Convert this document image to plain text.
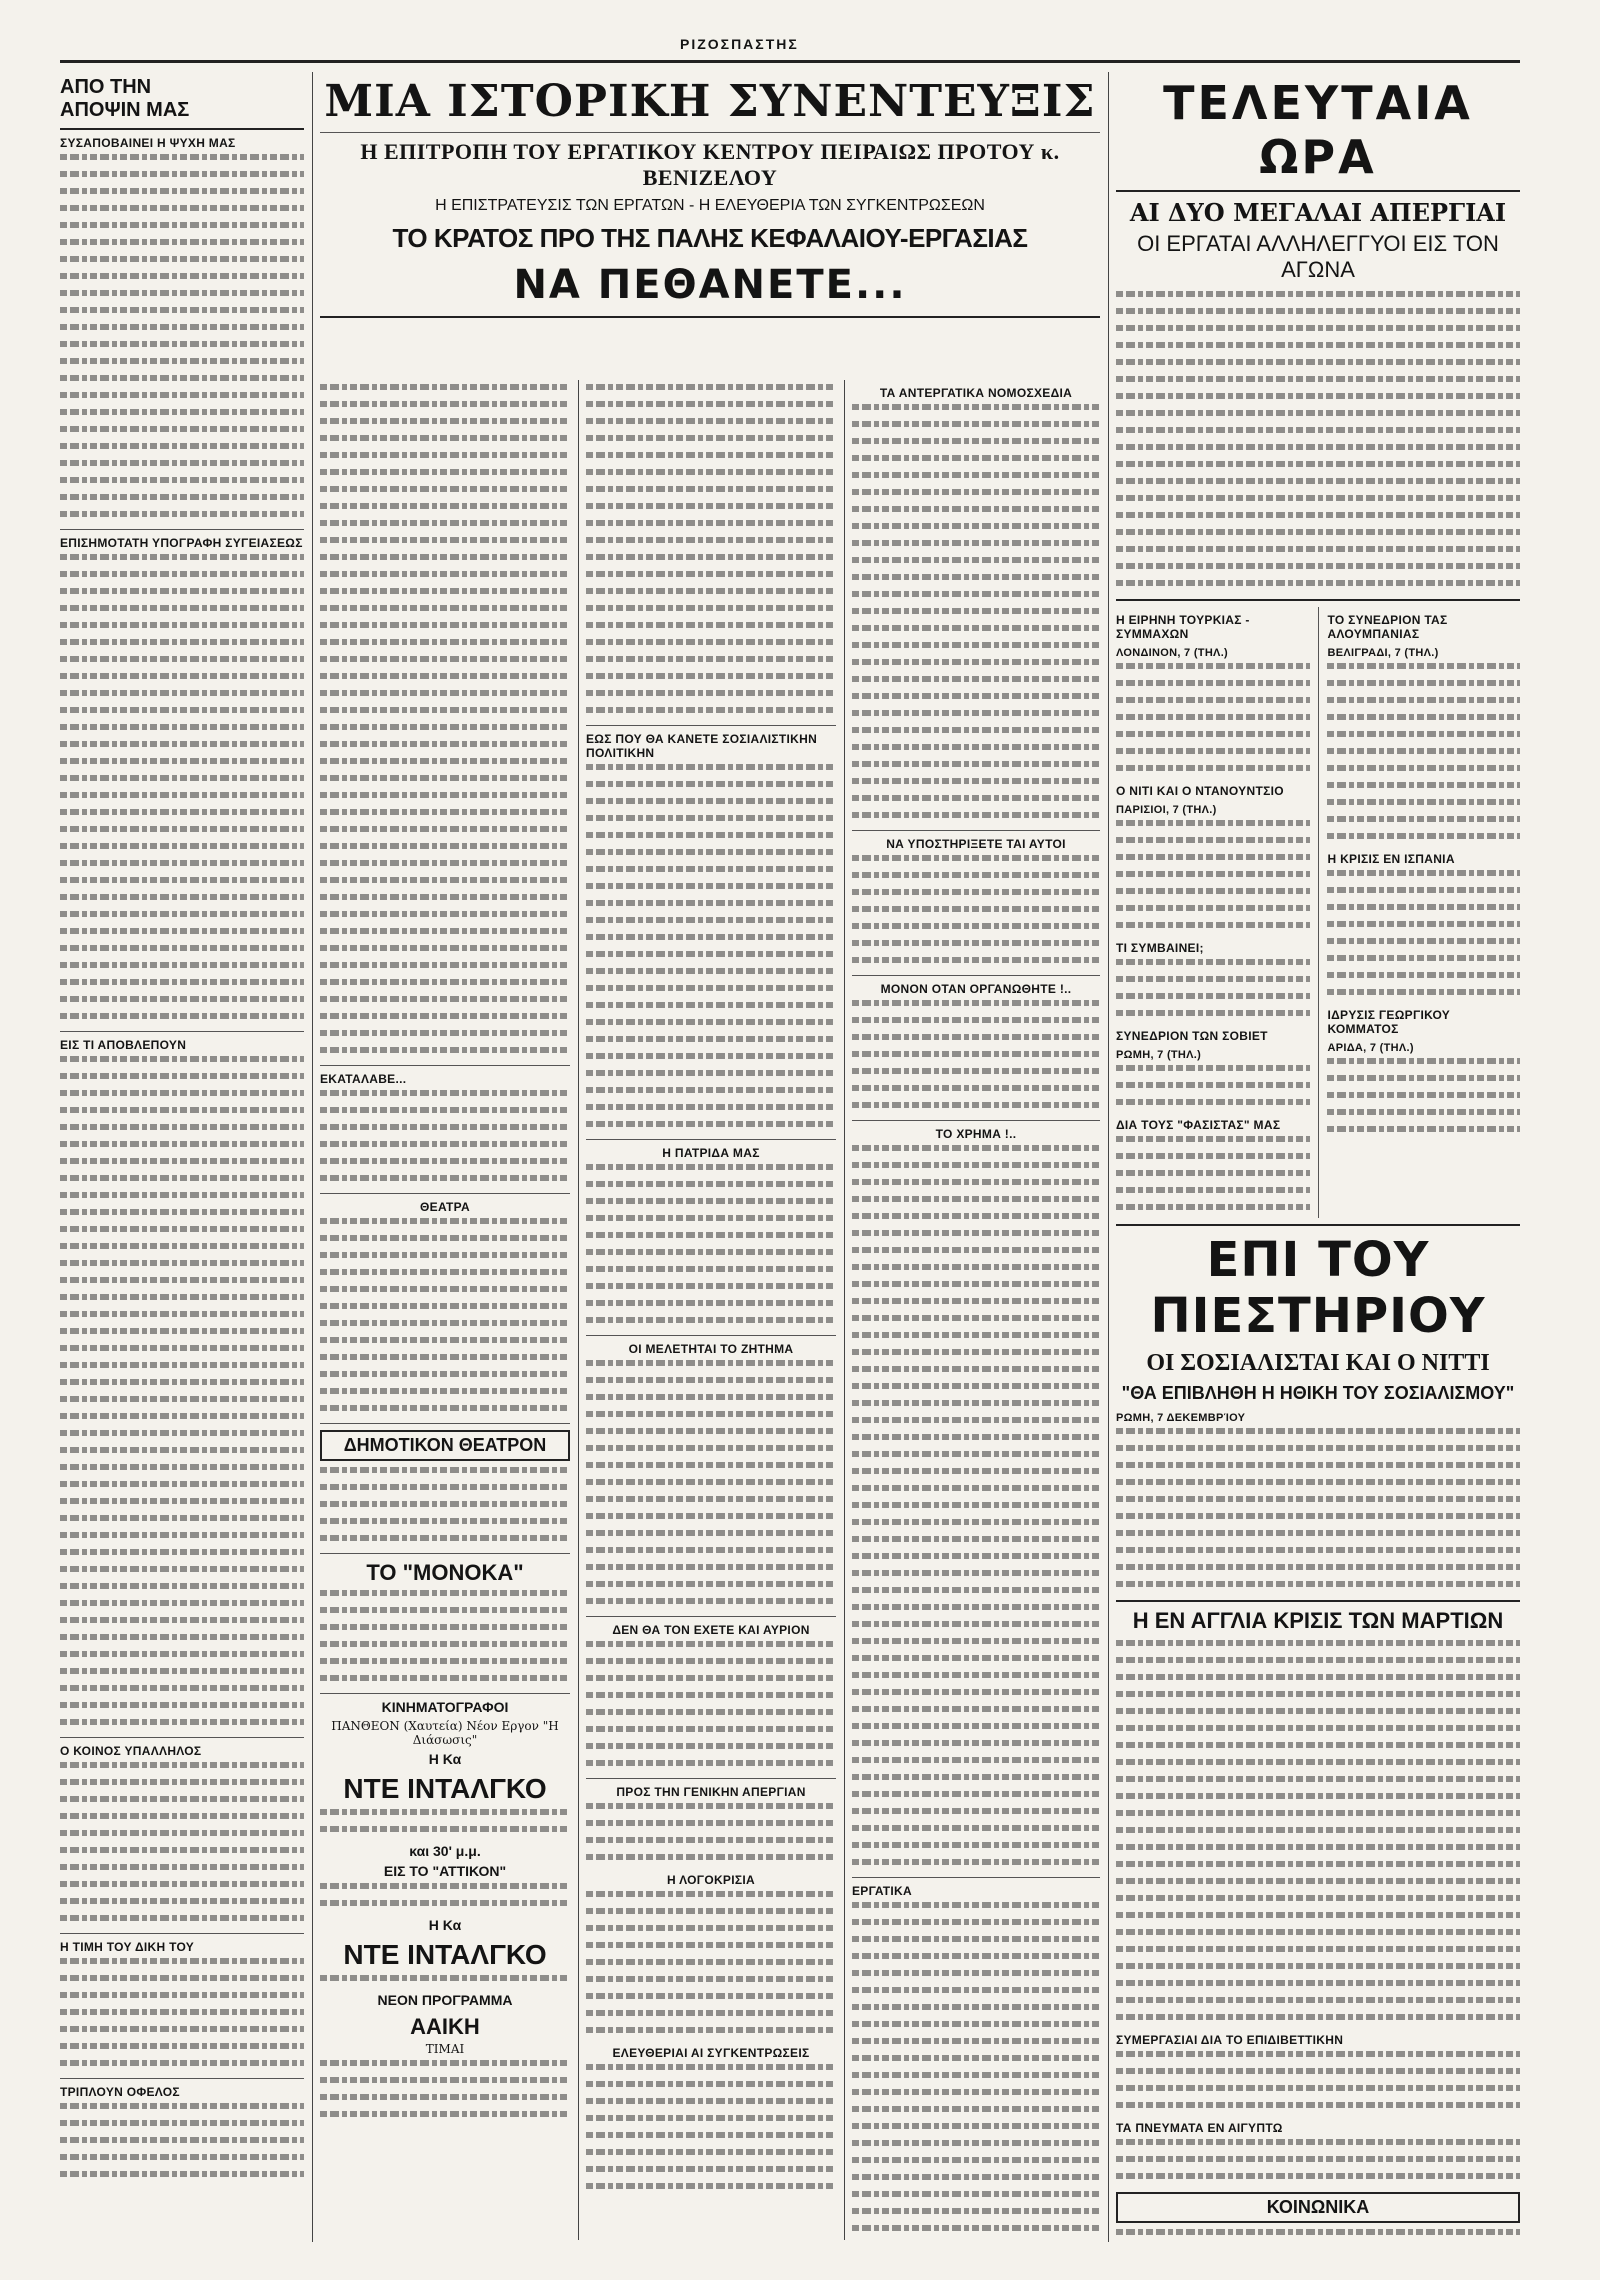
ΡΙΖΟΣΠΑΣΤΗΣ
ΑΠΟ ΤΗΝ
ΑΠΟΨΙΝ ΜΑΣ
ΣΥΣΑΠΟΒΑΙΝΕΙ Η ΨΥΧΗ ΜΑΣ
ΕΠΙΣΗΜΟΤΑΤΗ ΥΠΟΓΡΑΦΗ ΣΥΓΕΙΑΣΕΩΣ
ΕΙΣ ΤΙ ΑΠΟΒΛΕΠΟΥΝ
Ο ΚΟΙΝΟΣ ΥΠΑΛΛΗΛΟΣ
Η ΤΙΜΗ ΤΟΥ ΔΙΚΗ ΤΟΥ
ΤΡΙΠΛΟΥΝ ΟΦΕΛΟΣ
ΜΙΑ ΙΣΤΟΡΙΚΗ ΣΥΝΕΝΤΕΥΞΙΣ
Η ΕΠΙΤΡΟΠΗ ΤΟΥ ΕΡΓΑΤΙΚΟΥ ΚΕΝΤΡΟΥ ΠΕΙΡΑΙΩΣ ΠΡΟΤΟΥ κ. ΒΕΝΙΖΕΛΟΥ
Η ΕΠΙΣΤΡΑΤΕΥΣΙΣ ΤΩΝ ΕΡΓΑΤΩΝ - Η ΕΛΕΥΘΕΡΙΑ ΤΩΝ ΣΥΓΚΕΝΤΡΩΣΕΩΝ
ΤΟ ΚΡΑΤΟΣ ΠΡΟ ΤΗΣ ΠΑΛΗΣ ΚΕΦΑΛΑΙΟΥ-ΕΡΓΑΣΙΑΣ
ΝΑ ΠΕΘΑΝΕΤΕ...
ΕΚΑΤΑΛΑΒΕ...
ΘΕΑΤΡΑ
ΔΗΜΟΤΙΚΟΝ ΘΕΑΤΡΟΝ
ΤΟ "ΜΟΝΟΚΑ"
ΚΙΝΗΜΑΤΟΓΡΑΦΟΙ
ΠΑΝΘΕΟΝ (Χαυτεία) Νέον Εργον "Η Διάσωσις"
Η Κα
ΝΤΕ ΙΝΤΑΛΓΚΟ
και 30' μ.μ.
ΕΙΣ ΤΟ "ΑΤΤΙΚΟΝ"
Η Κα
ΝΤΕ ΙΝΤΑΛΓΚΟ
ΝΕΟΝ ΠΡΟΓΡΑΜΜΑ
ΑΑΙΚΗ
ΤΙΜΑΙ
ΕΩΣ ΠΟΥ ΘΑ ΚΑΝΕΤΕ ΣΟΣΙΑΛΙΣΤΙΚΗΝ ΠΟΛΙΤΙΚΗΝ
Η ΠΑΤΡΙΔΑ ΜΑΣ
ΟΙ ΜΕΛΕΤΗΤΑΙ ΤΟ ΖΗΤΗΜΑ
ΔΕΝ ΘΑ ΤΟΝ ΕΧΕΤΕ ΚΑΙ ΑΥΡΙΟΝ
ΠΡΟΣ ΤΗΝ ΓΕΝΙΚΗΝ ΑΠΕΡΓΙΑΝ
Η ΛΟΓΟΚΡΙΣΙΑ
ΕΛΕΥΘΕΡΙΑΙ ΑΙ ΣΥΓΚΕΝΤΡΩΣΕΙΣ
ΤΑ ΑΝΤΕΡΓΑΤΙΚΑ ΝΟΜΟΣΧΕΔΙΑ
ΝΑ ΥΠΟΣΤΗΡΙΞΕΤΕ ΤΑΙ ΑΥΤΟΙ
ΜΟΝΟΝ ΟΤΑΝ ΟΡΓΑΝΩΘΗΤΕ !..
ΤΟ ΧΡΗΜΑ !..
ΕΡΓΑΤΙΚΑ
ΤΕΛΕΥΤΑΙΑ ΩΡΑ
ΑΙ ΔΥΟ ΜΕΓΑΛΑΙ ΑΠΕΡΓΙΑΙ
ΟΙ ΕΡΓΑΤΑΙ ΑΛΛΗΛΕΓΓΥΟΙ ΕΙΣ ΤΟΝ ΑΓΩΝΑ
Η ΕΙΡΗΝΗ ΤΟΥΡΚΙΑΣ - ΣΥΜΜΑΧΩΝ
ΛΟΝΔΙΝΟΝ, 7 (ΤΗΛ.)
Ο ΝΙΤΙ ΚΑΙ Ο ΝΤΑΝΟΥΝΤΣΙΟ
ΠΑΡΙΣΙΟΙ, 7 (ΤΗΛ.)
ΤΙ ΣΥΜΒΑΙΝΕΙ;
ΣΥΝΕΔΡΙΟΝ ΤΩΝ ΣΟΒΙΕΤ
ΡΩΜΗ, 7 (ΤΗΛ.)
ΔΙΑ ΤΟΥΣ "ΦΑΣΙΣΤΑΣ" ΜΑΣ
ΤΟ ΣΥΝΕΔΡΙΟΝ ΤΑΣ ΑΛΟΥΜΠΑΝΙΑΣ
ΒΕΛΙΓΡΑΔΙ, 7 (ΤΗΛ.)
Η ΚΡΙΣΙΣ ΕΝ ΙΣΠΑΝΙΑ
ΙΔΡΥΣΙΣ ΓΕΩΡΓΙΚΟΥ ΚΟΜΜΑΤΟΣ
ΑΡΙΔΑ, 7 (ΤΗΛ.)
ΕΠΙ ΤΟΥ ΠΙΕΣΤΗΡΙΟΥ
ΟΙ ΣΟΣΙΑΛΙΣΤΑΙ ΚΑΙ Ο ΝΙΤΤΙ
"ΘΑ ΕΠΙΒΛΗΘΗ Η ΗΘΙΚΗ ΤΟΥ ΣΟΣΙΑΛΙΣΜΟΥ"
ΡΩΜΗ, 7 ΔΕΚΕΜΒΡΊΟΥ
Η ΕΝ ΑΓΓΛΙΑ ΚΡΙΣΙΣ ΤΩΝ ΜΑΡΤΙΩΝ
ΣΥΜΕΡΓΑΣΙΑΙ ΔΙΑ ΤΟ ΕΠΙΔΙΒΕΤΤΙΚΗΝ
ΤΑ ΠΝΕΥΜΑΤΑ ΕΝ ΑΙΓΥΠΤΩ
ΚΟΙΝΩΝΙΚΑ
